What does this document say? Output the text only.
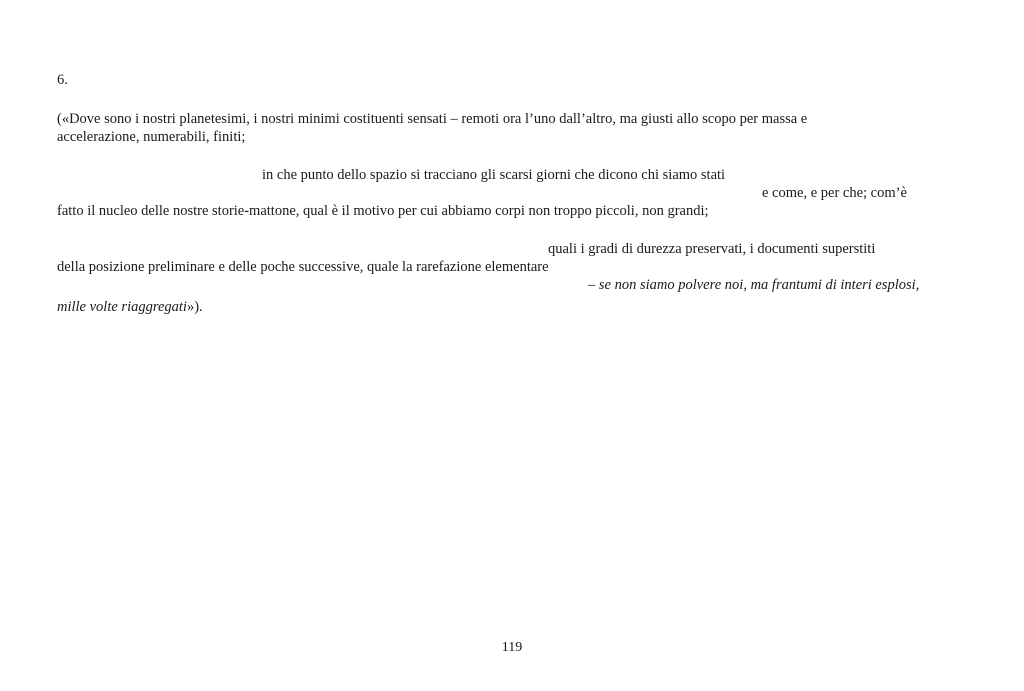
6.
(«Dove sono i nostri planetesimi, i nostri minimi costituenti sensati – remoti ora l’uno dall’altro, ma giusti allo scopo per massa e
accelerazione, numerabili, finiti;
in che punto dello spazio si tracciano gli scarsi giorni che dicono chi siamo stati
e come, e per che; com’è
fatto il nucleo delle nostre storie-mattone, qual è il motivo per cui abbiamo corpi non troppo piccoli, non grandi;
quali i gradi di durezza preservati, i documenti superstiti
della posizione preliminare e delle poche successive, quale la rarefazione elementare
– se non siamo polvere noi, ma frantumi di interi esplosi,
mille volte riaggregati»).
119
